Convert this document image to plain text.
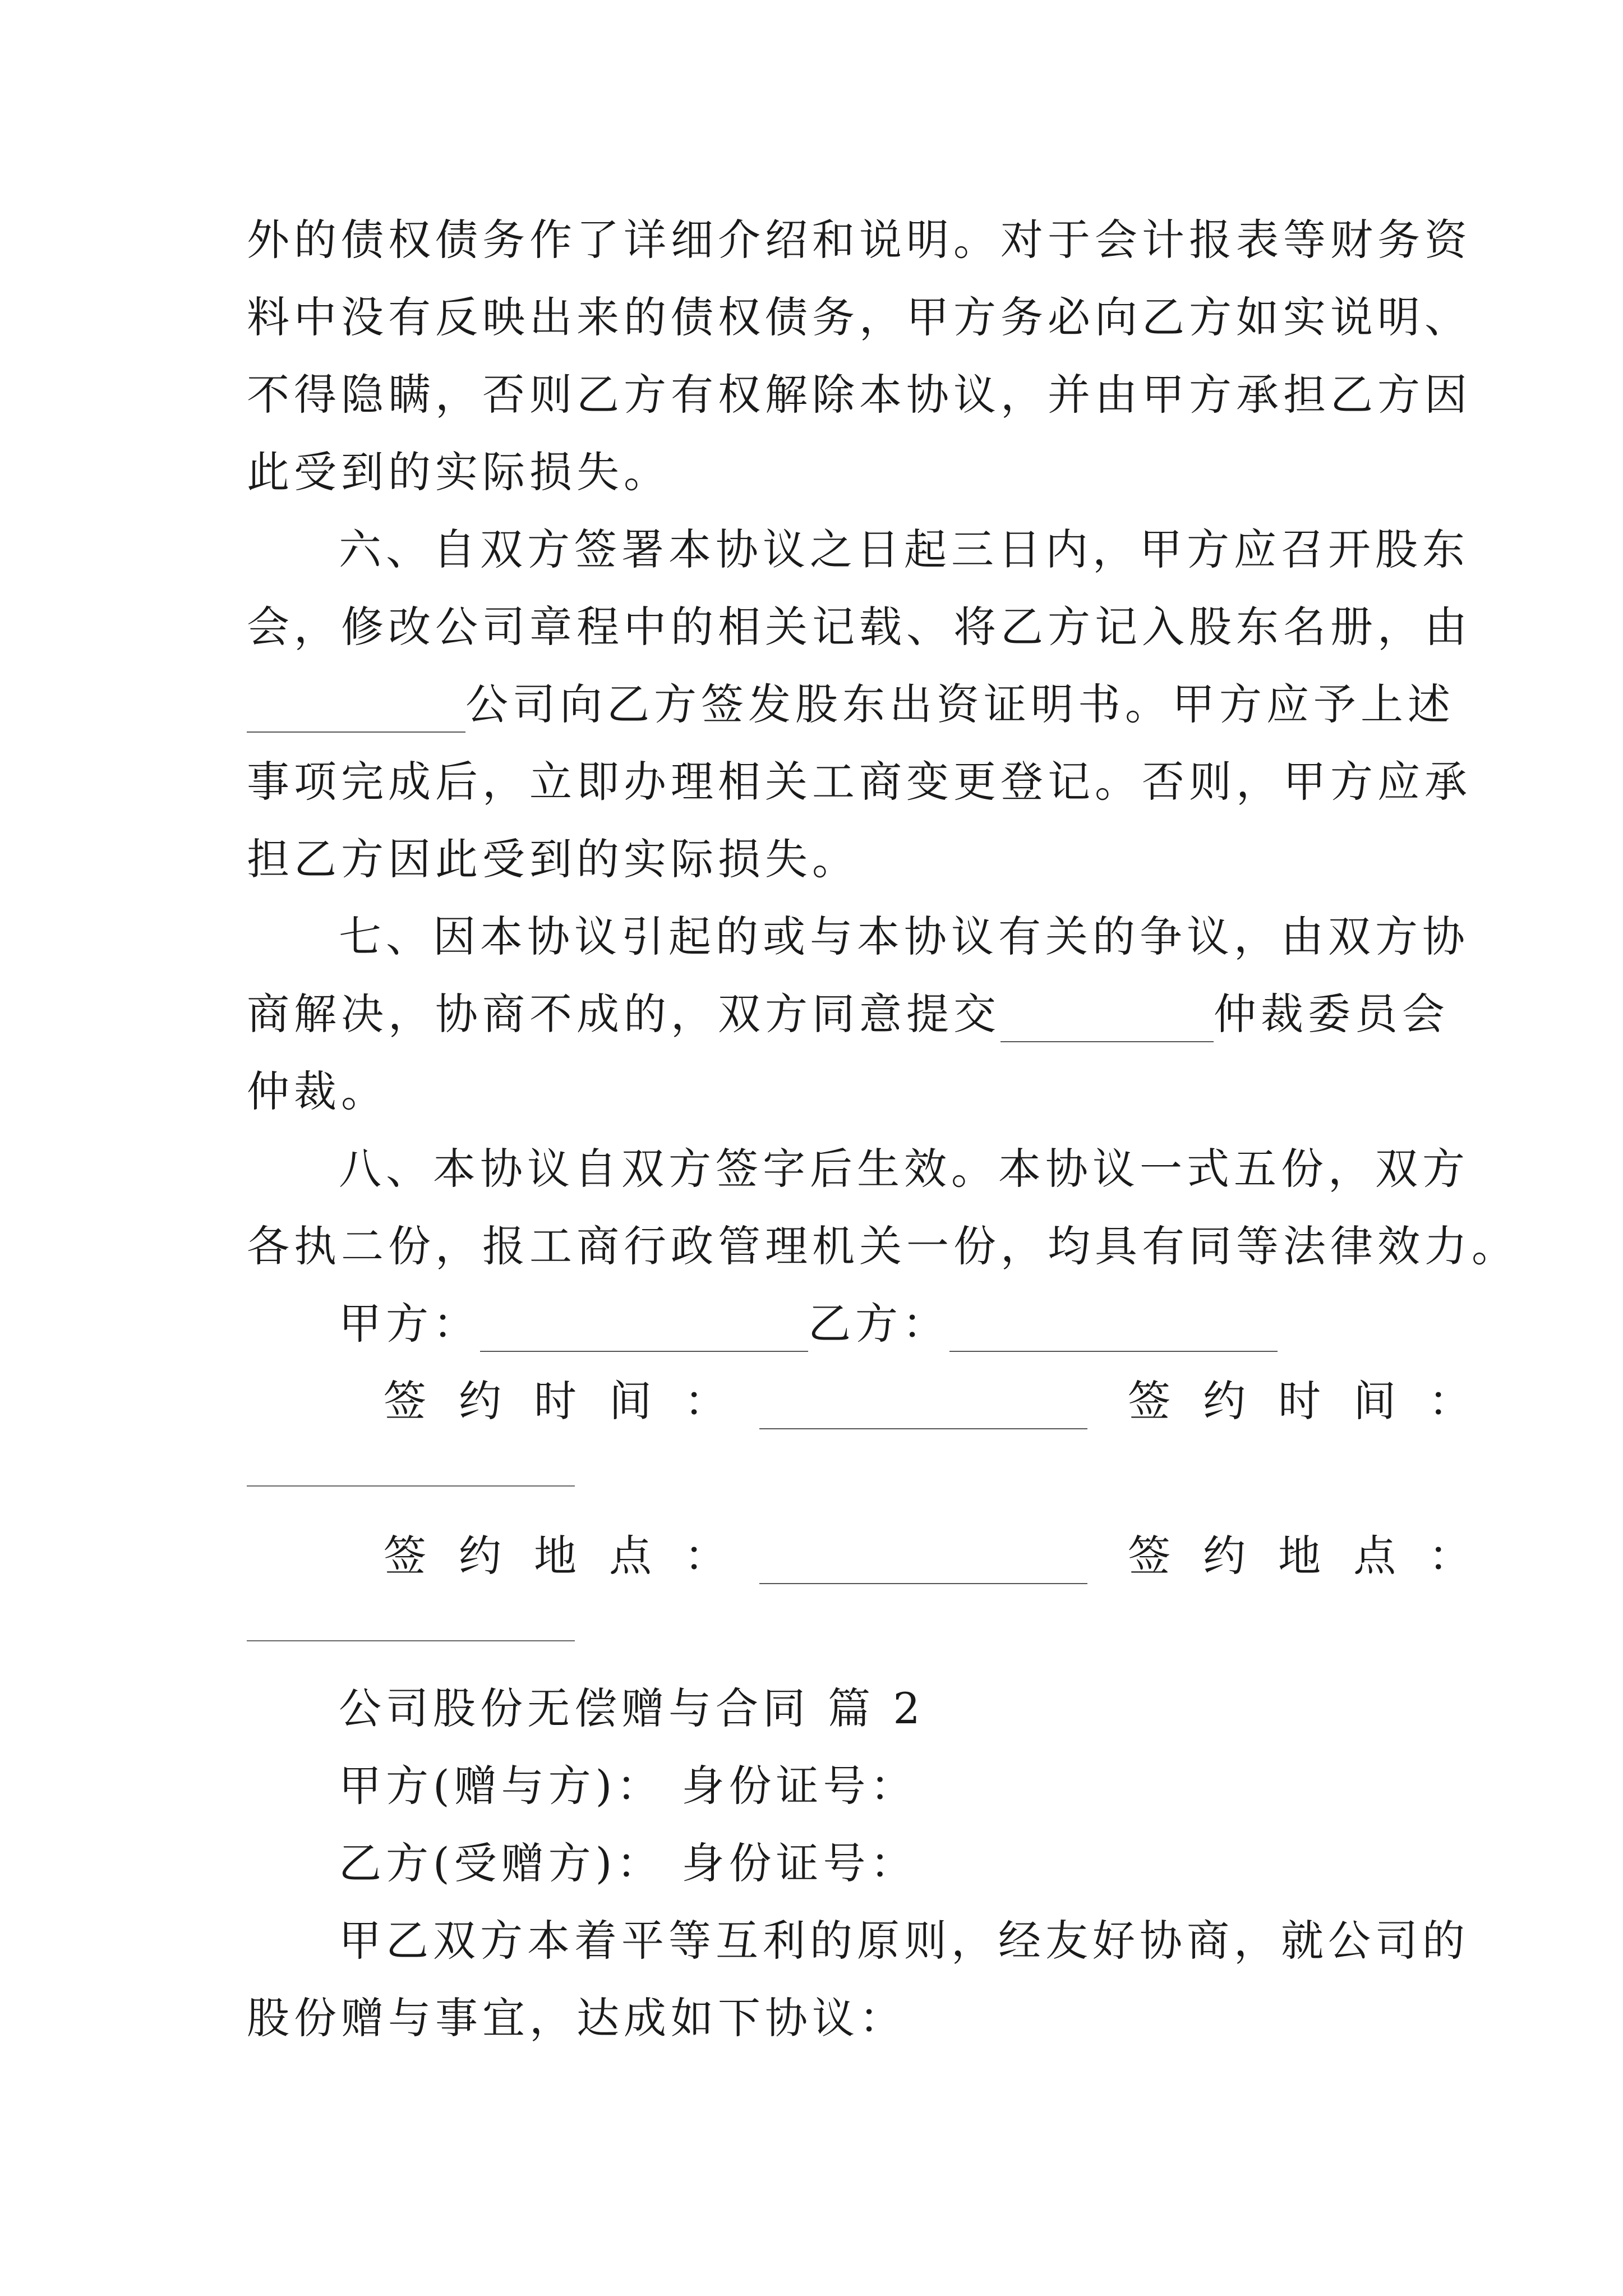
外的债权债务作了详细介绍和说明。对于会计报表等财务资
料中没有反映出来的债权债务，甲方务必向乙方如实说明、
不得隐瞒，否则乙方有权解除本协议，并由甲方承担乙方因
此受到的实际损失。
六、自双方签署本协议之日起三日内，甲方应召开股东
会，修改公司章程中的相关记载、将乙方记入股东名册，由
公司向乙方签发股东出资证明书。甲方应予上述
事项完成后，立即办理相关工商变更登记。否则，甲方应承
担乙方因此受到的实际损失。
七、因本协议引起的或与本协议有关的争议，由双方协
商解决，协商不成的，双方同意提交	仲裁委员会
仲裁。
八、本协议自双方签字后生效。本协议一式五份，双方
各执二份，报工商行政管理机关一份，均具有同等法律效力。
甲方：	乙方：
签约时间：	签约时间：
签约地点：	签约地点：
公司股份无偿赠与合同 篇 2
甲方(赠与方)： 身份证号：
乙方(受赠方)： 身份证号：
甲乙双方本着平等互利的原则，经友好协商，就公司的
股份赠与事宜，达成如下协议：
